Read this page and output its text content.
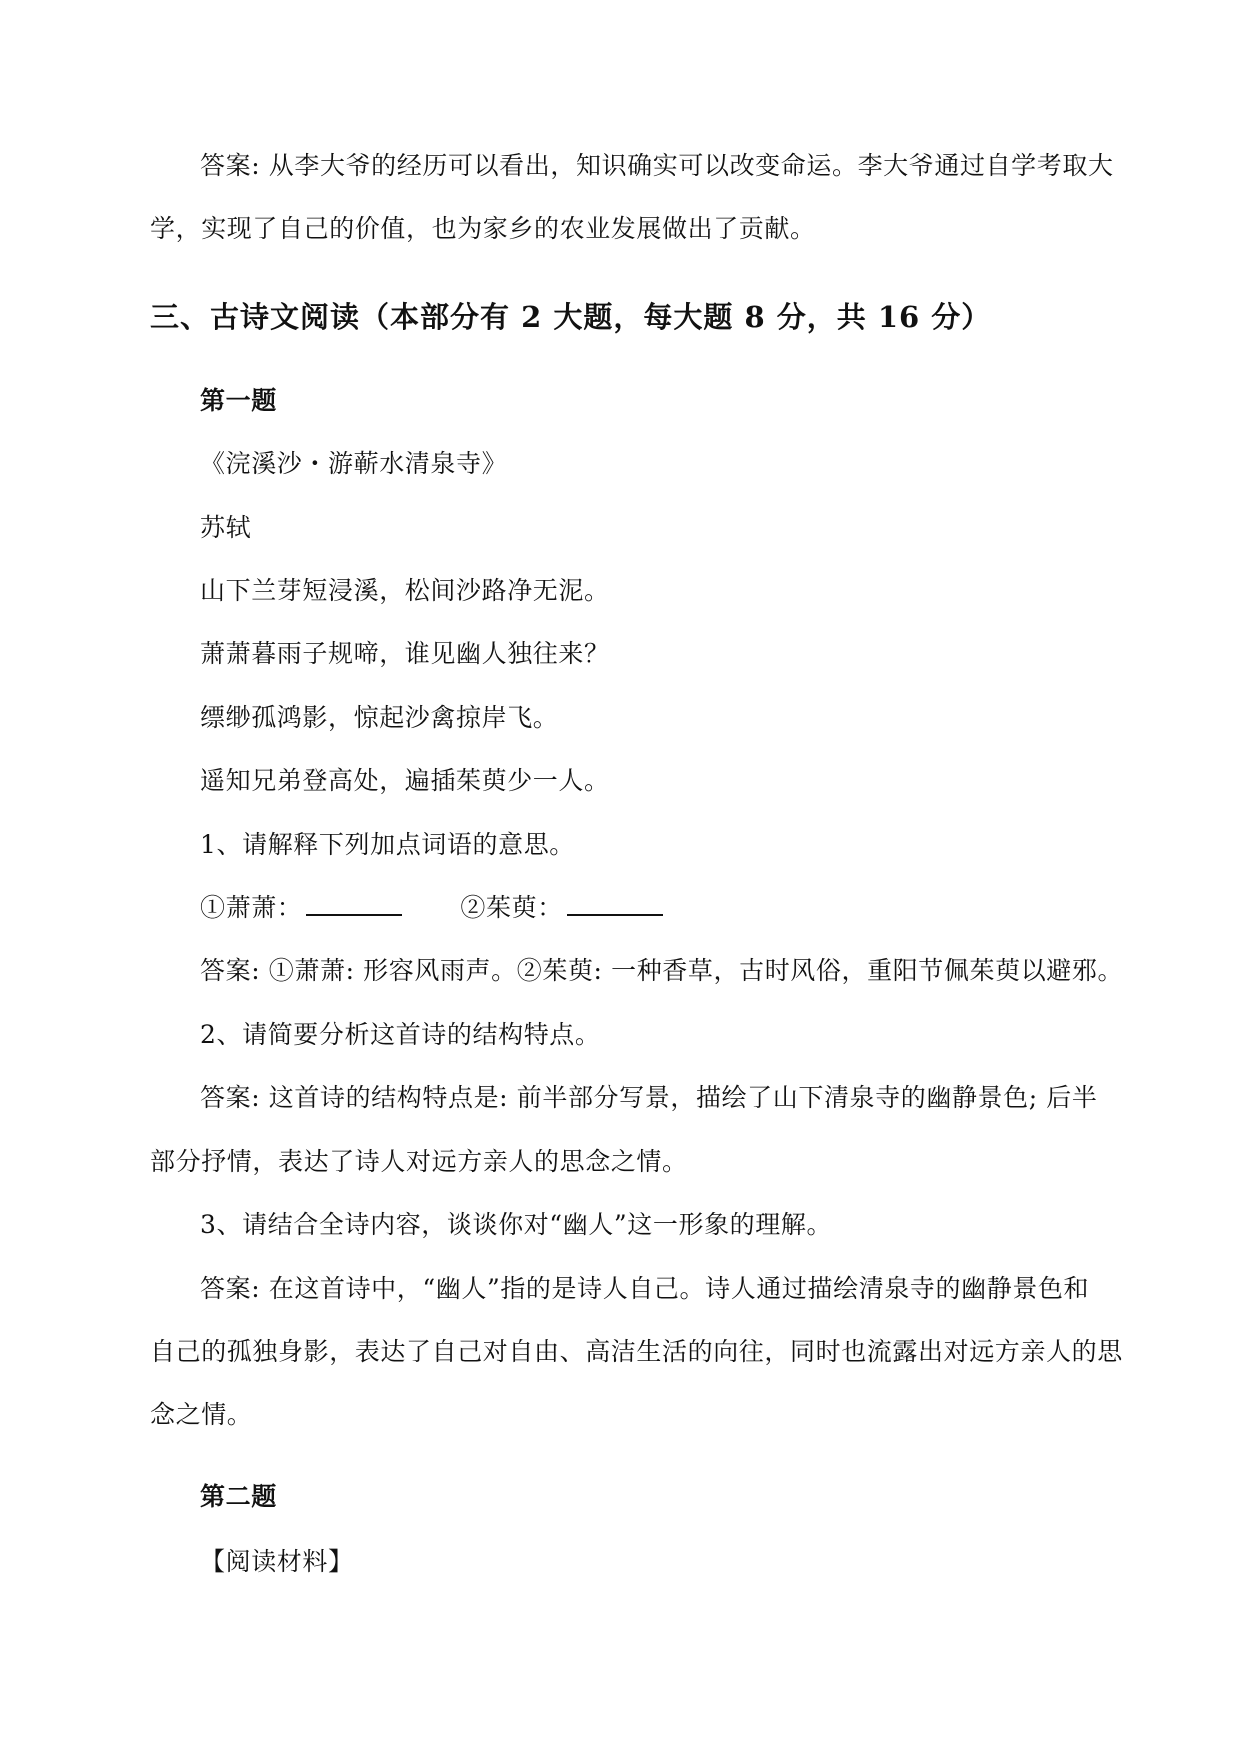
答案: 从李大爷的经历可以看出，知识确实可以改变命运。李大爷通过自学考取大

学，实现了自己的价值，也为家乡的农业发展做出了贡献。

三、古诗文阅读（本部分有 2 大题，每大题 8 分，共 16 分）

第一题

《浣溪沙・游蕲水清泉寺》

苏轼

山下兰芽短浸溪，松间沙路净无泥。

萧萧暮雨子规啼，谁见幽人独往来？

缥缈孤鸿影，惊起沙禽掠岸飞。

遥知兄弟登高处，遍插茱萸少一人。

1、请解释下列加点词语的意思。

①萧萧：	②茱萸：

答案: ①萧萧: 形容风雨声。②茱萸: 一种香草，古时风俗，重阳节佩茱萸以避邪。

2、请简要分析这首诗的结构特点。

答案: 这首诗的结构特点是: 前半部分写景，描绘了山下清泉寺的幽静景色; 后半

部分抒情，表达了诗人对远方亲人的思念之情。

3、请结合全诗内容，谈谈你对“幽人”这一形象的理解。

答案: 在这首诗中，“幽人”指的是诗人自己。诗人通过描绘清泉寺的幽静景色和

自己的孤独身影，表达了自己对自由、高洁生活的向往，同时也流露出对远方亲人的思

念之情。

第二题

【阅读材料】
